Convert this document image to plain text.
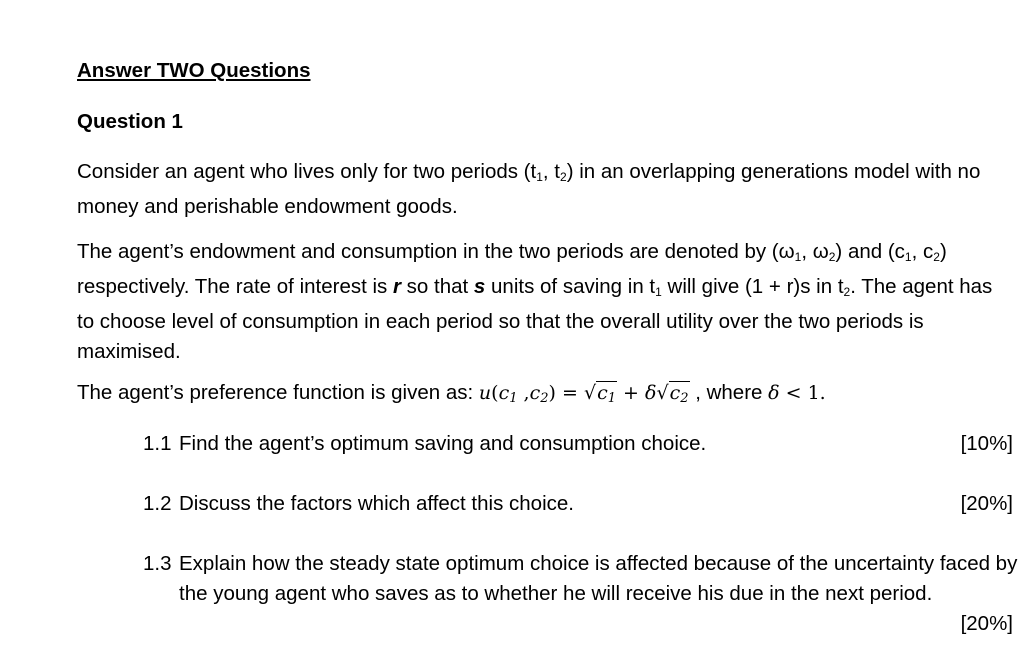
Answer TWO Questions
Question 1
Consider an agent who lives only for two periods ($t_1$, $t_2$) in an overlapping generations model with no money and perishable endowment goods.
The agent’s endowment and consumption in the two periods are denoted by ($\omega_1$, $\omega_2$) and ($c_1$, $c_2$) respectively. The rate of interest is r so that s units of saving in $t_1$ will give (1 + r)s in $t_2$. The agent has to choose level of consumption in each period so that the overall utility over the two periods is maximised.
The agent’s preference function is given as: $u(c_1$ $,c_2) = √c_1 + \delta√c_2$ , where δ < 1.
1.1 Find the agent’s optimum saving and consumption choice.	[10%]
1.2 Discuss the factors which affect this choice.	[20%]
1.3 Explain how the steady state optimum choice is affected because of the uncertainty faced by the young agent who saves as to whether he will receive his due in the next period.
[20%]
